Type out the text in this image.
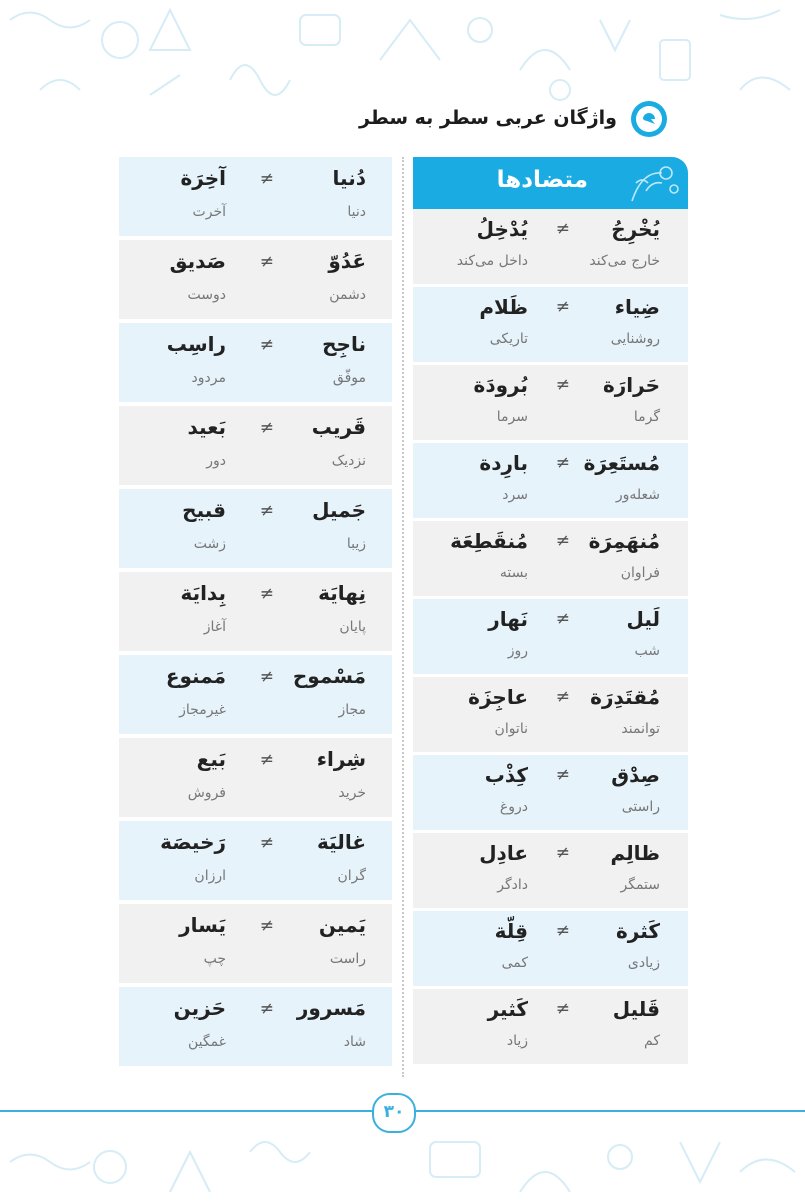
واژگان عربی سطر به سطر
دُنیا
≠
آخِرَة
دنیا
آخرت
عَدُوّ
≠
صَدیق
دشمن
دوست
ناجِح
≠
راسِب
موفّق
مردود
قَریب
≠
بَعید
نزدیک
دور
جَمیل
≠
قبیح
زیبا
زشت
نِهایَة
≠
بِدایَة
پایان
آغاز
مَسْموح
≠
مَمنوع
مجاز
غیرمجاز
شِراء
≠
بَیع
خرید
فروش
غالیَة
≠
رَخیصَة
گران
ارزان
یَمین
≠
یَسار
راست
چپ
مَسرور
≠
حَزین
شاد
غمگین
متضادها
یُخْرِجُ
≠
یُدْخِلُ
خارج می‌کند
داخل می‌کند
ضِیاء
≠
ظَلام
روشنایی
تاریکی
حَرارَة
≠
بُرودَة
گرما
سرما
مُستَعِرَة
≠
بارِدة
شعله‌ور
سرد
مُنهَمِرَة
≠
مُنقَطِعَة
فراوان
بسته
لَیل
≠
نَهار
شب
روز
مُقتَدِرَة
≠
عاجِزَة
توانمند
ناتوان
صِدْق
≠
کِذْب
راستی
دروغ
ظالِم
≠
عادِل
ستمگر
دادگر
کَثرة
≠
قِلّة
زیادی
کمی
قَلیل
≠
کَثیر
کم
زیاد
۳۰
